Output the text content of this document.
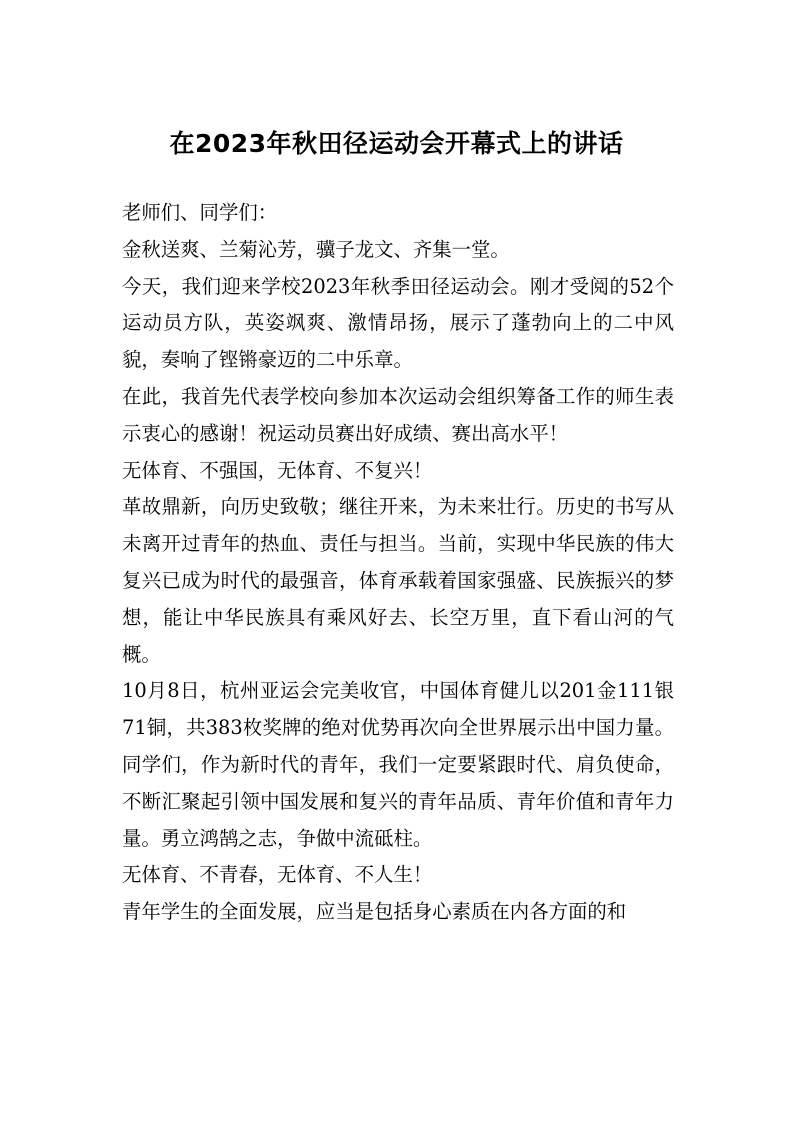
在2023年秋田径运动会开幕式上的讲话

老师们、同学们：

金秋送爽、兰菊沁芳，骥子龙文、齐集一堂。

今天，我们迎来学校2023年秋季田径运动会。刚才受阅的52个运动员方队，英姿飒爽、激情昂扬，展示了蓬勃向上的二中风貌，奏响了铿锵豪迈的二中乐章。

在此，我首先代表学校向参加本次运动会组织筹备工作的师生表示衷心的感谢！祝运动员赛出好成绩、赛出高水平！

无体育、不强国，无体育、不复兴！

革故鼎新，向历史致敬；继往开来，为未来壮行。历史的书写从未离开过青年的热血、责任与担当。当前，实现中华民族的伟大复兴已成为时代的最强音，体育承载着国家强盛、民族振兴的梦想，能让中华民族具有乘风好去、长空万里，直下看山河的气概。

10月8日，杭州亚运会完美收官，中国体育健儿以201金111银71铜，共383枚奖牌的绝对优势再次向全世界展示出中国力量。同学们，作为新时代的青年，我们一定要紧跟时代、肩负使命，不断汇聚起引领中国发展和复兴的青年品质、青年价值和青年力量。勇立鸿鹄之志，争做中流砥柱。

无体育、不青春，无体育、不人生！

青年学生的全面发展，应当是包括身心素质在内各方面的和
